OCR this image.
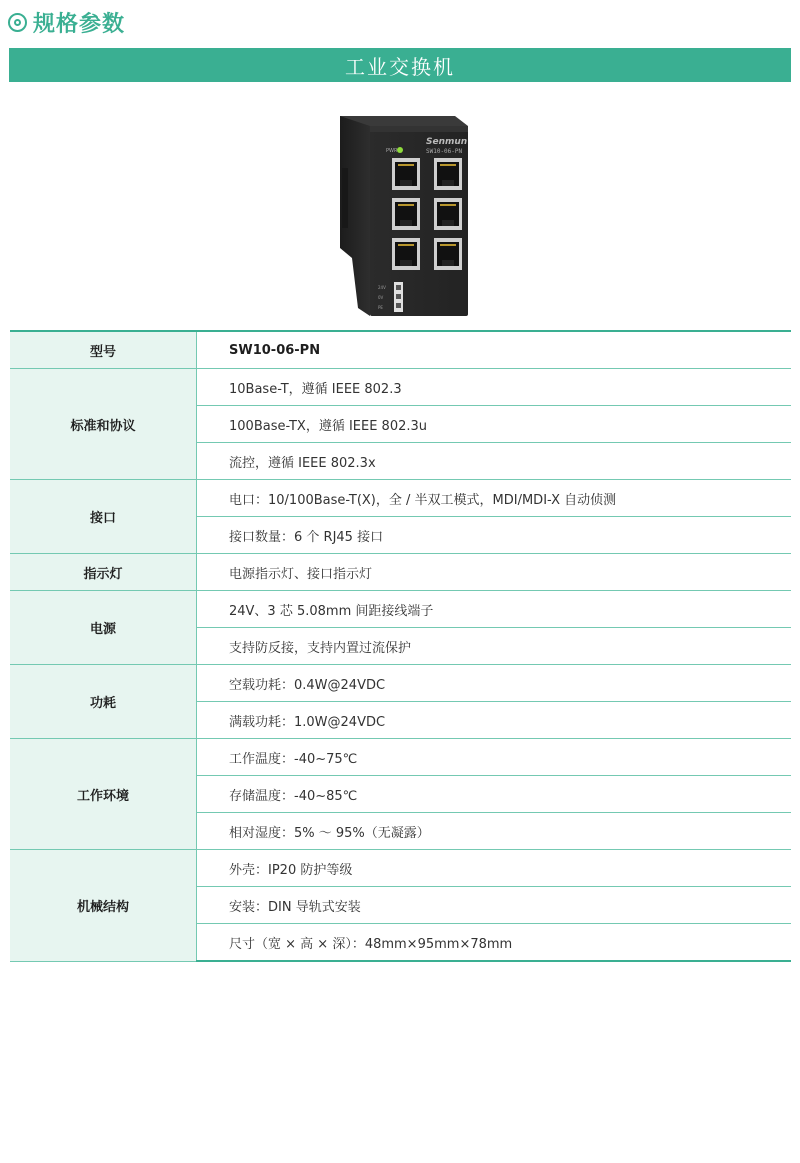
规格参数
工业交换机
Senmun
SW10-06-PN
PWR
24V
0V
PE
型号	SW10-06-PN
标准和协议	10Base-T，遵循 IEEE 802.3
	100Base-TX，遵循 IEEE 802.3u
	流控，遵循 IEEE 802.3x
接口	电口：10/100Base-T(X)，全 / 半双工模式，MDI/MDI-X 自动侦测
	接口数量：6 个 RJ45 接口
指示灯	电源指示灯、接口指示灯
电源	24V、3 芯 5.08mm 间距接线端子
	支持防反接，支持内置过流保护
功耗	空载功耗：0.4W@24VDC
	满载功耗：1.0W@24VDC
工作环境	工作温度：-40~75℃
	存储温度：-40~85℃
	相对湿度：5% ～ 95%（无凝露）
机械结构	外壳：IP20 防护等级
	安装：DIN 导轨式安装
	尺寸（宽 × 高 × 深）：48mm×95mm×78mm
